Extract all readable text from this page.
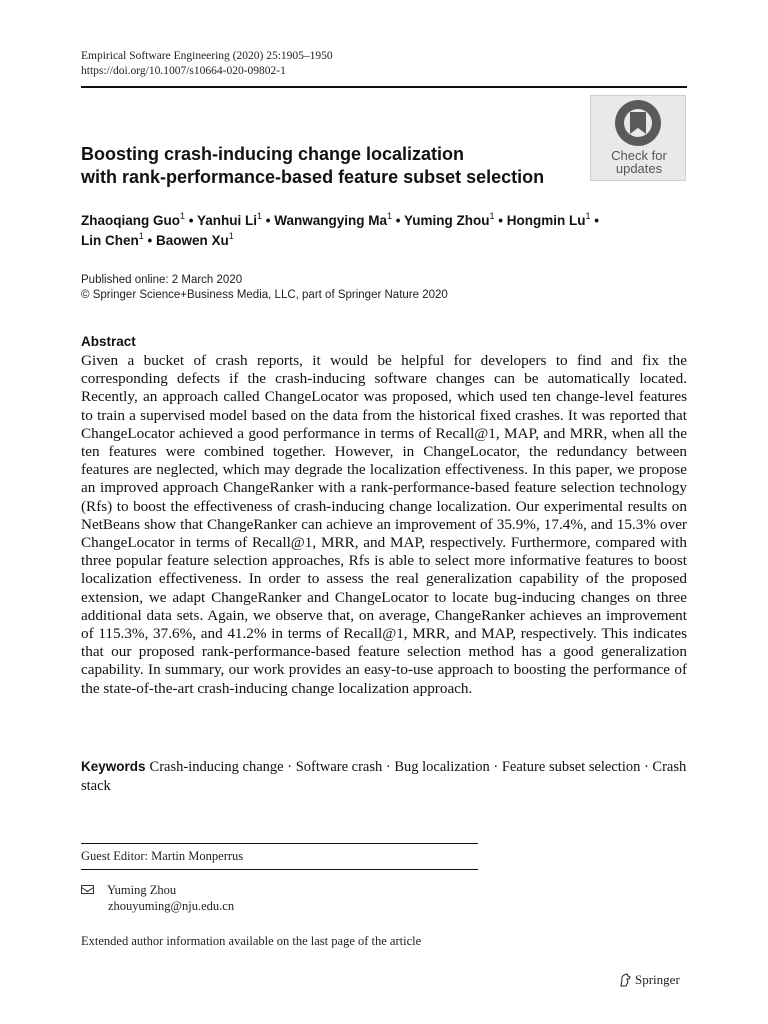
Empirical Software Engineering (2020) 25:1905–1950
https://doi.org/10.1007/s10664-020-09802-1
Check for
updates
Boosting crash-inducing change localization
with rank-performance-based feature subset selection
Zhaoqiang Guo$^1$ • Yanhui Li$^1$ • Wanwangying Ma$^1$ • Yuming Zhou$^1$ • Hongmin Lu$^1$ •
Lin Chen$^1$ • Baowen Xu$^1$
Published online: 2 March 2020
© Springer Science+Business Media, LLC, part of Springer Nature 2020
Abstract

Given a bucket of crash reports, it would be helpful for developers to find and fix the corresponding defects if the crash-inducing software changes can be automatically located. Recently, an approach called ChangeLocator was proposed, which used ten change-level features to train a supervised model based on the data from the historical fixed crashes. It was reported that ChangeLocator achieved a good performance in terms of Recall@1, MAP, and MRR, when all the ten features were combined together. However, in ChangeLocator, the redundancy between features are neglected, which may degrade the localization effectiveness. In this paper, we propose an improved approach ChangeRanker with a rank-performance-based feature selection technology (Rfs) to boost the effectiveness of crash-inducing change localization. Our experimental results on NetBeans show that ChangeRanker can achieve an improvement of 35.9%, 17.4%, and 15.3% over ChangeLocator in terms of Recall@1, MRR, and MAP, respectively. Furthermore, compared with three popular feature selection approaches, Rfs is able to select more informative features to boost localization effectiveness. In order to assess the real generalization capability of the proposed extension, we adapt ChangeRanker and ChangeLocator to locate bug-inducing changes on three additional data sets. Again, we observe that, on average, ChangeRanker achieves an improvement of 115.3%, 37.6%, and 41.2% in terms of Recall@1, MRR, and MAP, respectively. This indicates that our proposed rank-performance-based feature selection method has a good generalization capability. In summary, our work provides an easy-to-use approach to boosting the performance of the state-of-the-art crash-inducing change localization approach.

Keywords Crash-inducing change · Software crash · Bug localization · Feature subset selection · Crash stack
Guest Editor: Martin Monperrus
Yuming Zhou
zhouyuming@nju.edu.cn
Extended author information available on the last page of the article
Springer
